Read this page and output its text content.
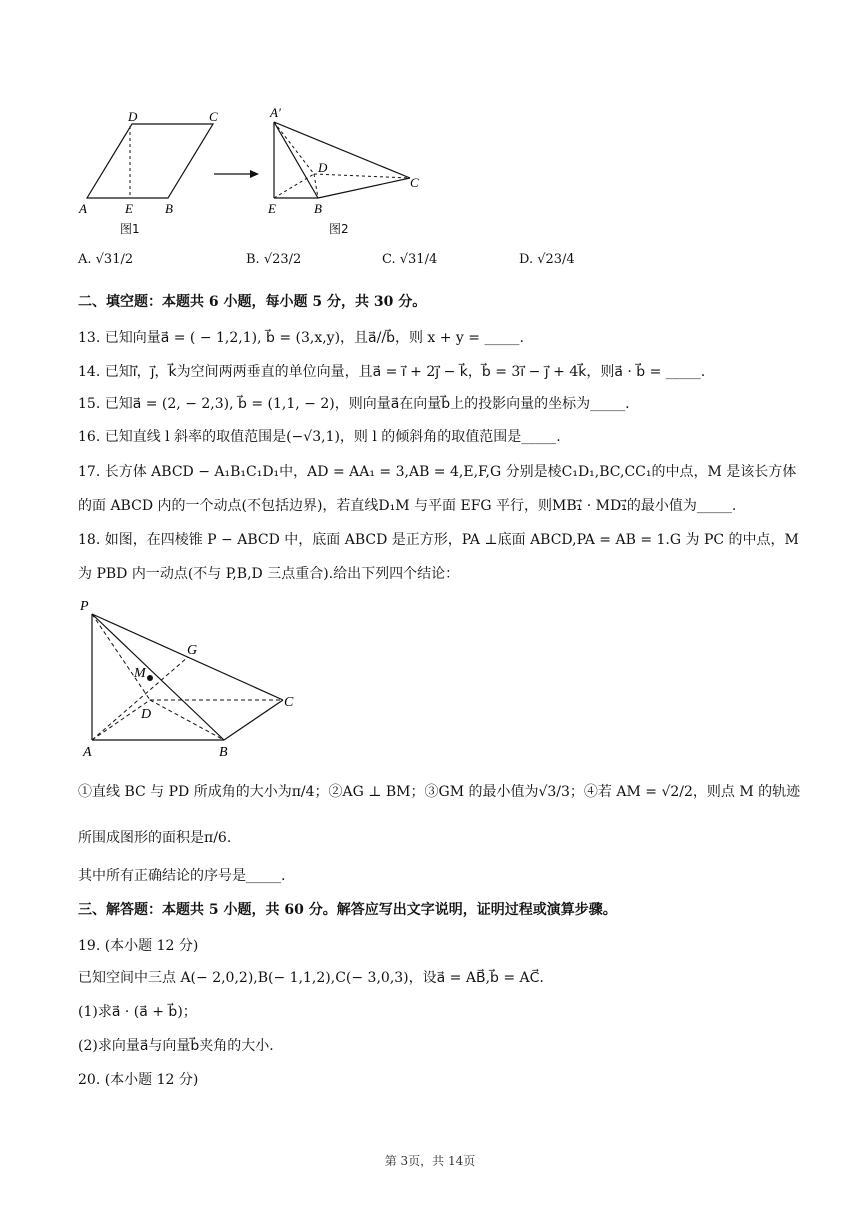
D	C
A	E B
A′
D
C
E	B
图1	图2
A. √31/2	B. √23/2	C. √31/4	D. √23/4
二、填空题：本题共 6 小题，每小题 5 分，共 30 分。
13. 已知向量a⃗ = ( − 1,2,1), b⃗ = (3,x,y)，且a⃗//b⃗，则 x + y = _____.
14. 已知i⃗，j⃗，k⃗为空间两两垂直的单位向量，且a⃗ = i⃗ + 2j⃗ − k⃗，b⃗ = 3i⃗ − j⃗ + 4k⃗，则a⃗ · b⃗ = _____.
15. 已知a⃗ = (2, − 2,3), b⃗ = (1,1, − 2)，则向量a⃗在向量b⃗上的投影向量的坐标为_____.
16. 已知直线 l 斜率的取值范围是(−√3,1)，则 l 的倾斜角的取值范围是_____.
17. 长方体 ABCD − A₁B₁C₁D₁中，AD = AA₁ = 3,AB = 4,E,F,G 分别是棱C₁D₁,BC,CC₁的中点，M 是该长方体
的面 ABCD 内的一个动点(不包括边界)，若直线D₁M 与平面 EFG 平行，则MB₁⃗ · MD₁⃗的最小值为_____.
18. 如图，在四棱锥 P − ABCD 中，底面 ABCD 是正方形，PA ⊥底面 ABCD,PA = AB = 1.G 为 PC 的中点，M
为 PBD 内一动点(不与 P,B,D 三点重合).给出下列四个结论：
P
G
M
D
C
A	B
①直线 BC 与 PD 所成角的大小为π/4；②AG ⊥ BM；③GM 的最小值为√3/3；④若 AM = √2/2，则点 M 的轨迹
所围成图形的面积是π/6.
其中所有正确结论的序号是_____.
三、解答题：本题共 5 小题，共 60 分。解答应写出文字说明，证明过程或演算步骤。
19. (本小题 12 分)
已知空间中三点 A(− 2,0,2),B(− 1,1,2),C(− 3,0,3)，设a⃗ = AB⃗,b⃗ = AC⃗.
(1)求a⃗ · (a⃗ + b⃗)；
(2)求向量a⃗与向量b⃗夹角的大小.
20. (本小题 12 分)
第 3页，共 14页
